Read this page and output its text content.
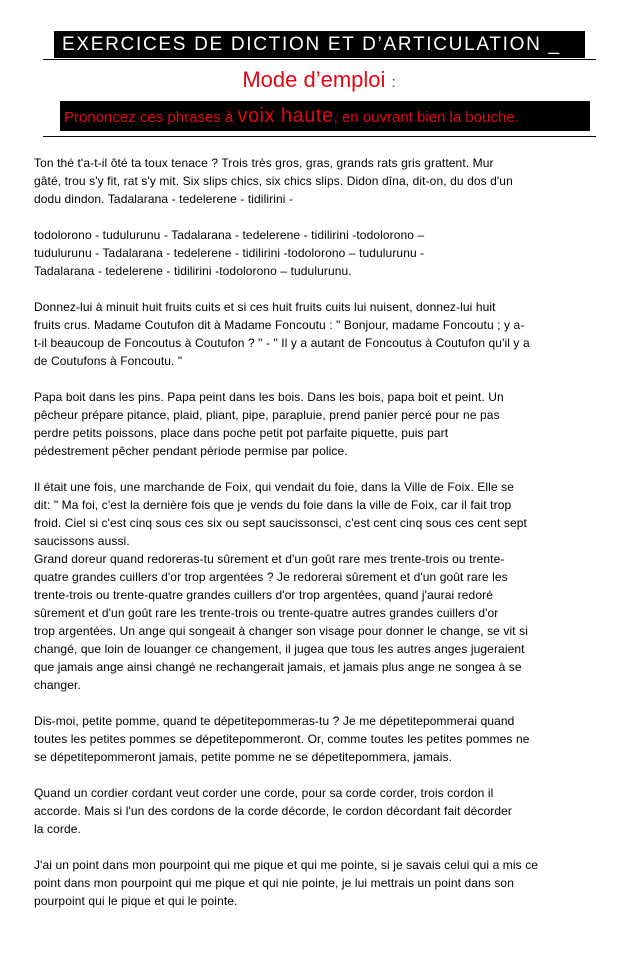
EXERCICES DE DICTION ET D’ARTICULATION _
Mode d’emploi :
Prononcez ces phrases à voix haute, en ouvrant bien la bouche.
Ton thé t'a-t-il ôté ta toux tenace ? Trois très gros, gras, grands rats gris grattent. Mur
gâté, trou s'y fit, rat s'y mit. Six slips chics, six chics slips. Didon dîna, dit-on, du dos d'un
dodu dindon. Tadalarana - tedelerene - tidilirini -
todolorono - tudulurunu - Tadalarana - tedelerene - tidilirini -todolorono –
tudulurunu - Tadalarana - tedelerene - tidilirini -todolorono – tudulurunu -
Tadalarana - tedelerene - tidilirini -todolorono – tudulurunu.
Donnez-lui à minuit huit fruits cuits et si ces huit fruits cuits lui nuisent, donnez-lui huit
fruits crus. Madame Coutufon dit à Madame Foncoutu : " Bonjour, madame Foncoutu ; y a-
t-il beaucoup de Foncoutus à Coutufon ? " - " Il y a autant de Foncoutus à Coutufon qu'il y a
de Coutufons à Foncoutu. "
Papa boit dans les pins. Papa peint dans les bois. Dans les bois, papa boit et peint. Un
pêcheur prépare pitance, plaid, pliant, pipe, parapluie, prend panier percé pour ne pas
perdre petits poissons, place dans poche petit pot parfaite piquette, puis part
pédestrement pêcher pendant période permise par police.
Il était une fois, une marchande de Foix, qui vendait du foie, dans la Ville de Foix. Elle se
dit: " Ma foi, c'est la dernière fois que je vends du foie dans la ville de Foix, car il fait trop
froid. Ciel si c'est cinq sous ces six ou sept saucissonsci, c'est cent cinq sous ces cent sept
saucissons aussi.
Grand doreur quand redoreras-tu sûrement et d'un goût rare mes trente-trois ou trente-
quatre grandes cuillers d'or trop argentées ? Je redorerai sûrement et d'un goût rare les
trente-trois ou trente-quatre grandes cuillers d'or trop argentées, quand j'aurai redoré
sûrement et d'un goût rare les trente-trois ou trente-quatre autres grandes cuillers d'or
trop argentées. Un ange qui songeait à changer son visage pour donner le change, se vit si
changé, que loin de louanger ce changement, il jugea que tous les autres anges jugeraient
que jamais ange ainsi changé ne rechangerait jamais, et jamais plus ange ne songea à se
changer.
Dis-moi, petite pomme, quand te dépetitepommeras-tu ? Je me dépetitepommerai quand
toutes les petites pommes se dépetitepommeront. Or, comme toutes les petites pommes ne
se dépetitepommeront jamais, petite pomme ne se dépetitepommera, jamais.
Quand un cordier cordant veut corder une corde, pour sa corde corder, trois cordon il
accorde. Mais si l'un des cordons de la corde décorde, le cordon décordant fait décorder
la corde.
J'ai un point dans mon pourpoint qui me pique et qui me pointe, si je savais celui qui a mis ce
point dans mon pourpoint qui me pique et qui nie pointe, je lui mettrais un point dans son
pourpoint qui le pique et qui le pointe.
